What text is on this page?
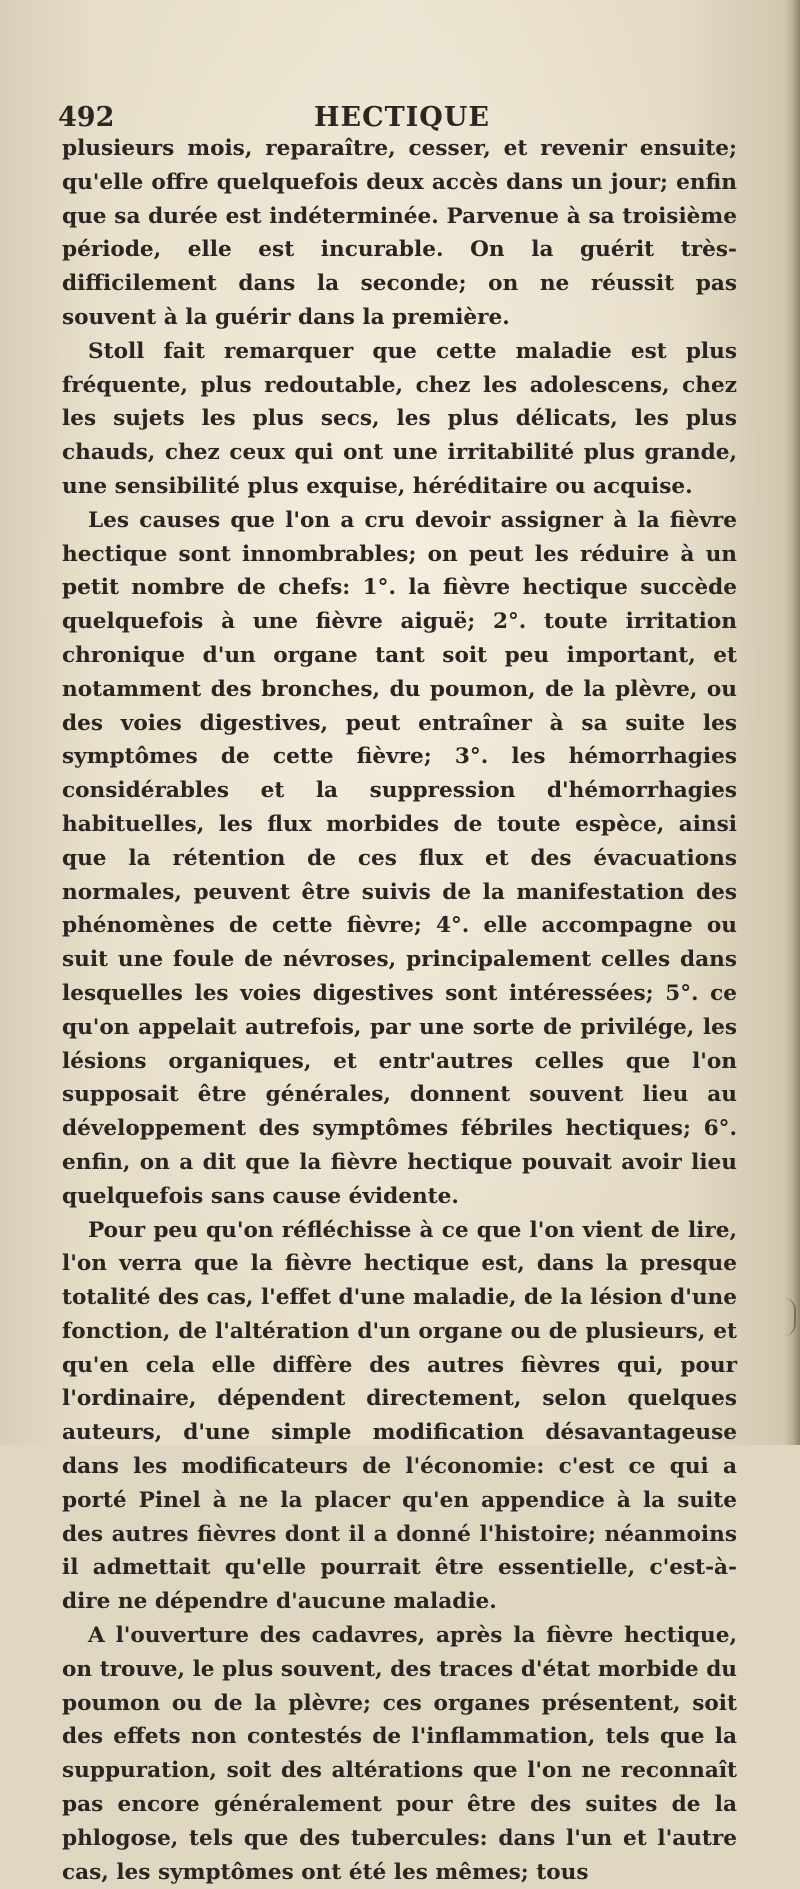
492	HECTIQUE

plusieurs mois, reparaître, cesser, et revenir ensuite; qu'elle offre quelquefois deux accès dans un jour; enfin que sa durée est indéterminée. Parvenue à sa troisième période, elle est incurable. On la guérit très-difficilement dans la seconde; on ne réussit pas souvent à la guérir dans la première.

Stoll fait remarquer que cette maladie est plus fréquente, plus redoutable, chez les adolescens, chez les sujets les plus secs, les plus délicats, les plus chauds, chez ceux qui ont une irritabilité plus grande, une sensibilité plus exquise, héréditaire ou acquise.

Les causes que l'on a cru devoir assigner à la fièvre hectique sont innombrables; on peut les réduire à un petit nombre de chefs: 1°. la fièvre hectique succède quelquefois à une fièvre aiguë; 2°. toute irritation chronique d'un organe tant soit peu important, et notamment des bronches, du poumon, de la plèvre, ou des voies digestives, peut entraîner à sa suite les symptômes de cette fièvre; 3°. les hémorrhagies considérables et la suppression d'hémorrhagies habituelles, les flux morbides de toute espèce, ainsi que la rétention de ces flux et des évacuations normales, peuvent être suivis de la manifestation des phénomènes de cette fièvre; 4°. elle accompagne ou suit une foule de névroses, principalement celles dans lesquelles les voies digestives sont intéressées; 5°. ce qu'on appelait autrefois, par une sorte de privilége, les lésions organiques, et entr'autres celles que l'on supposait être générales, donnent souvent lieu au développement des symptômes fébriles hectiques; 6°. enfin, on a dit que la fièvre hectique pouvait avoir lieu quelquefois sans cause évidente.

Pour peu qu'on réfléchisse à ce que l'on vient de lire, l'on verra que la fièvre hectique est, dans la presque totalité des cas, l'effet d'une maladie, de la lésion d'une fonction, de l'altération d'un organe ou de plusieurs, et qu'en cela elle diffère des autres fièvres qui, pour l'ordinaire, dépendent directement, selon quelques auteurs, d'une simple modification désavantageuse dans les modificateurs de l'économie: c'est ce qui a porté Pinel à ne la placer qu'en appendice à la suite des autres fièvres dont il a donné l'histoire; néanmoins il admettait qu'elle pourrait être essentielle, c'est-à-dire ne dépendre d'aucune maladie.

A l'ouverture des cadavres, après la fièvre hectique, on trouve, le plus souvent, des traces d'état morbide du poumon ou de la plèvre; ces organes présentent, soit des effets non contestés de l'inflammation, tels que la suppuration, soit des altérations que l'on ne reconnaît pas encore généralement pour être des suites de la phlogose, tels que des tubercules: dans l'un et l'autre cas, les symptômes ont été les mêmes; tous
